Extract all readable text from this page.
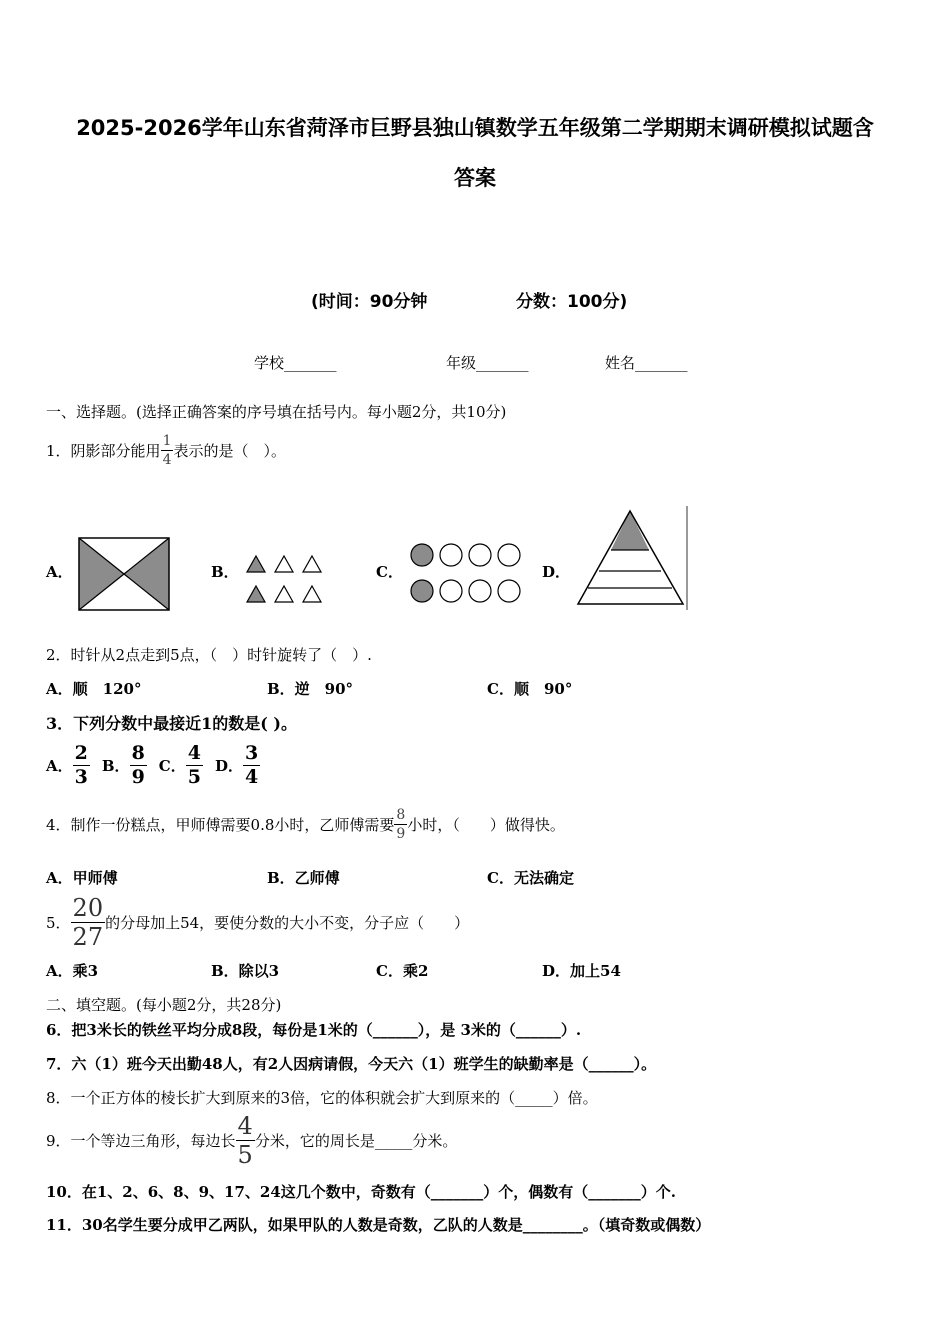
2025-2026学年山东省菏泽市巨野县独山镇数学五年级第二学期期末调研模拟试题含
答案
(时间：90分钟	分数：100分)
学校_______	年级_______	姓名_______
一、选择题。(选择正确答案的序号填在括号内。每小题2分，共10分)
1． 阴影部分能用 $\frac{1}{4}$ 表示的是（　）。
A．	B．	C．	D．
2．时针从2点走到5点，（　）时针旋转了（　）.
A．顺　120°	B．逆　90°	C．顺　90°
3．下列分数中最接近1的数是( )。
A． $\frac{2}{3}$ B． $\frac{8}{9}$ C． $\frac{4}{5}$ D． $\frac{3}{4}$
4．制作一份糕点，甲师傅需要0.8小时，乙师傅需要 $\frac{8}{9}$ 小时，（　　）做得快。
A．甲师傅	B．乙师傅	C．无法确定
5． $\frac{20}{27}$ 的分母加上54，要使分数的大小不变，分子应（　　）
A．乘3	B．除以3	C．乘2	D．加上54
二、填空题。(每小题2分，共28分)
6．把3米长的铁丝平均分成8段，每份是1米的（______），是 3米的（______）.
7．六（1）班今天出勤48人，有2人因病请假，今天六（1）班学生的缺勤率是（______）。
8．一个正方体的棱长扩大到原来的3倍，它的体积就会扩大到原来的（_____）倍。
9．一个等边三角形，每边长 $\frac{4}{5}$ 分米，它的周长是_____分米。
10．在1、2、6、8、9、17、24这几个数中，奇数有（_______）个，偶数有（_______）个.
11．30名学生要分成甲乙两队，如果甲队的人数是奇数，乙队的人数是________。（填奇数或偶数）
